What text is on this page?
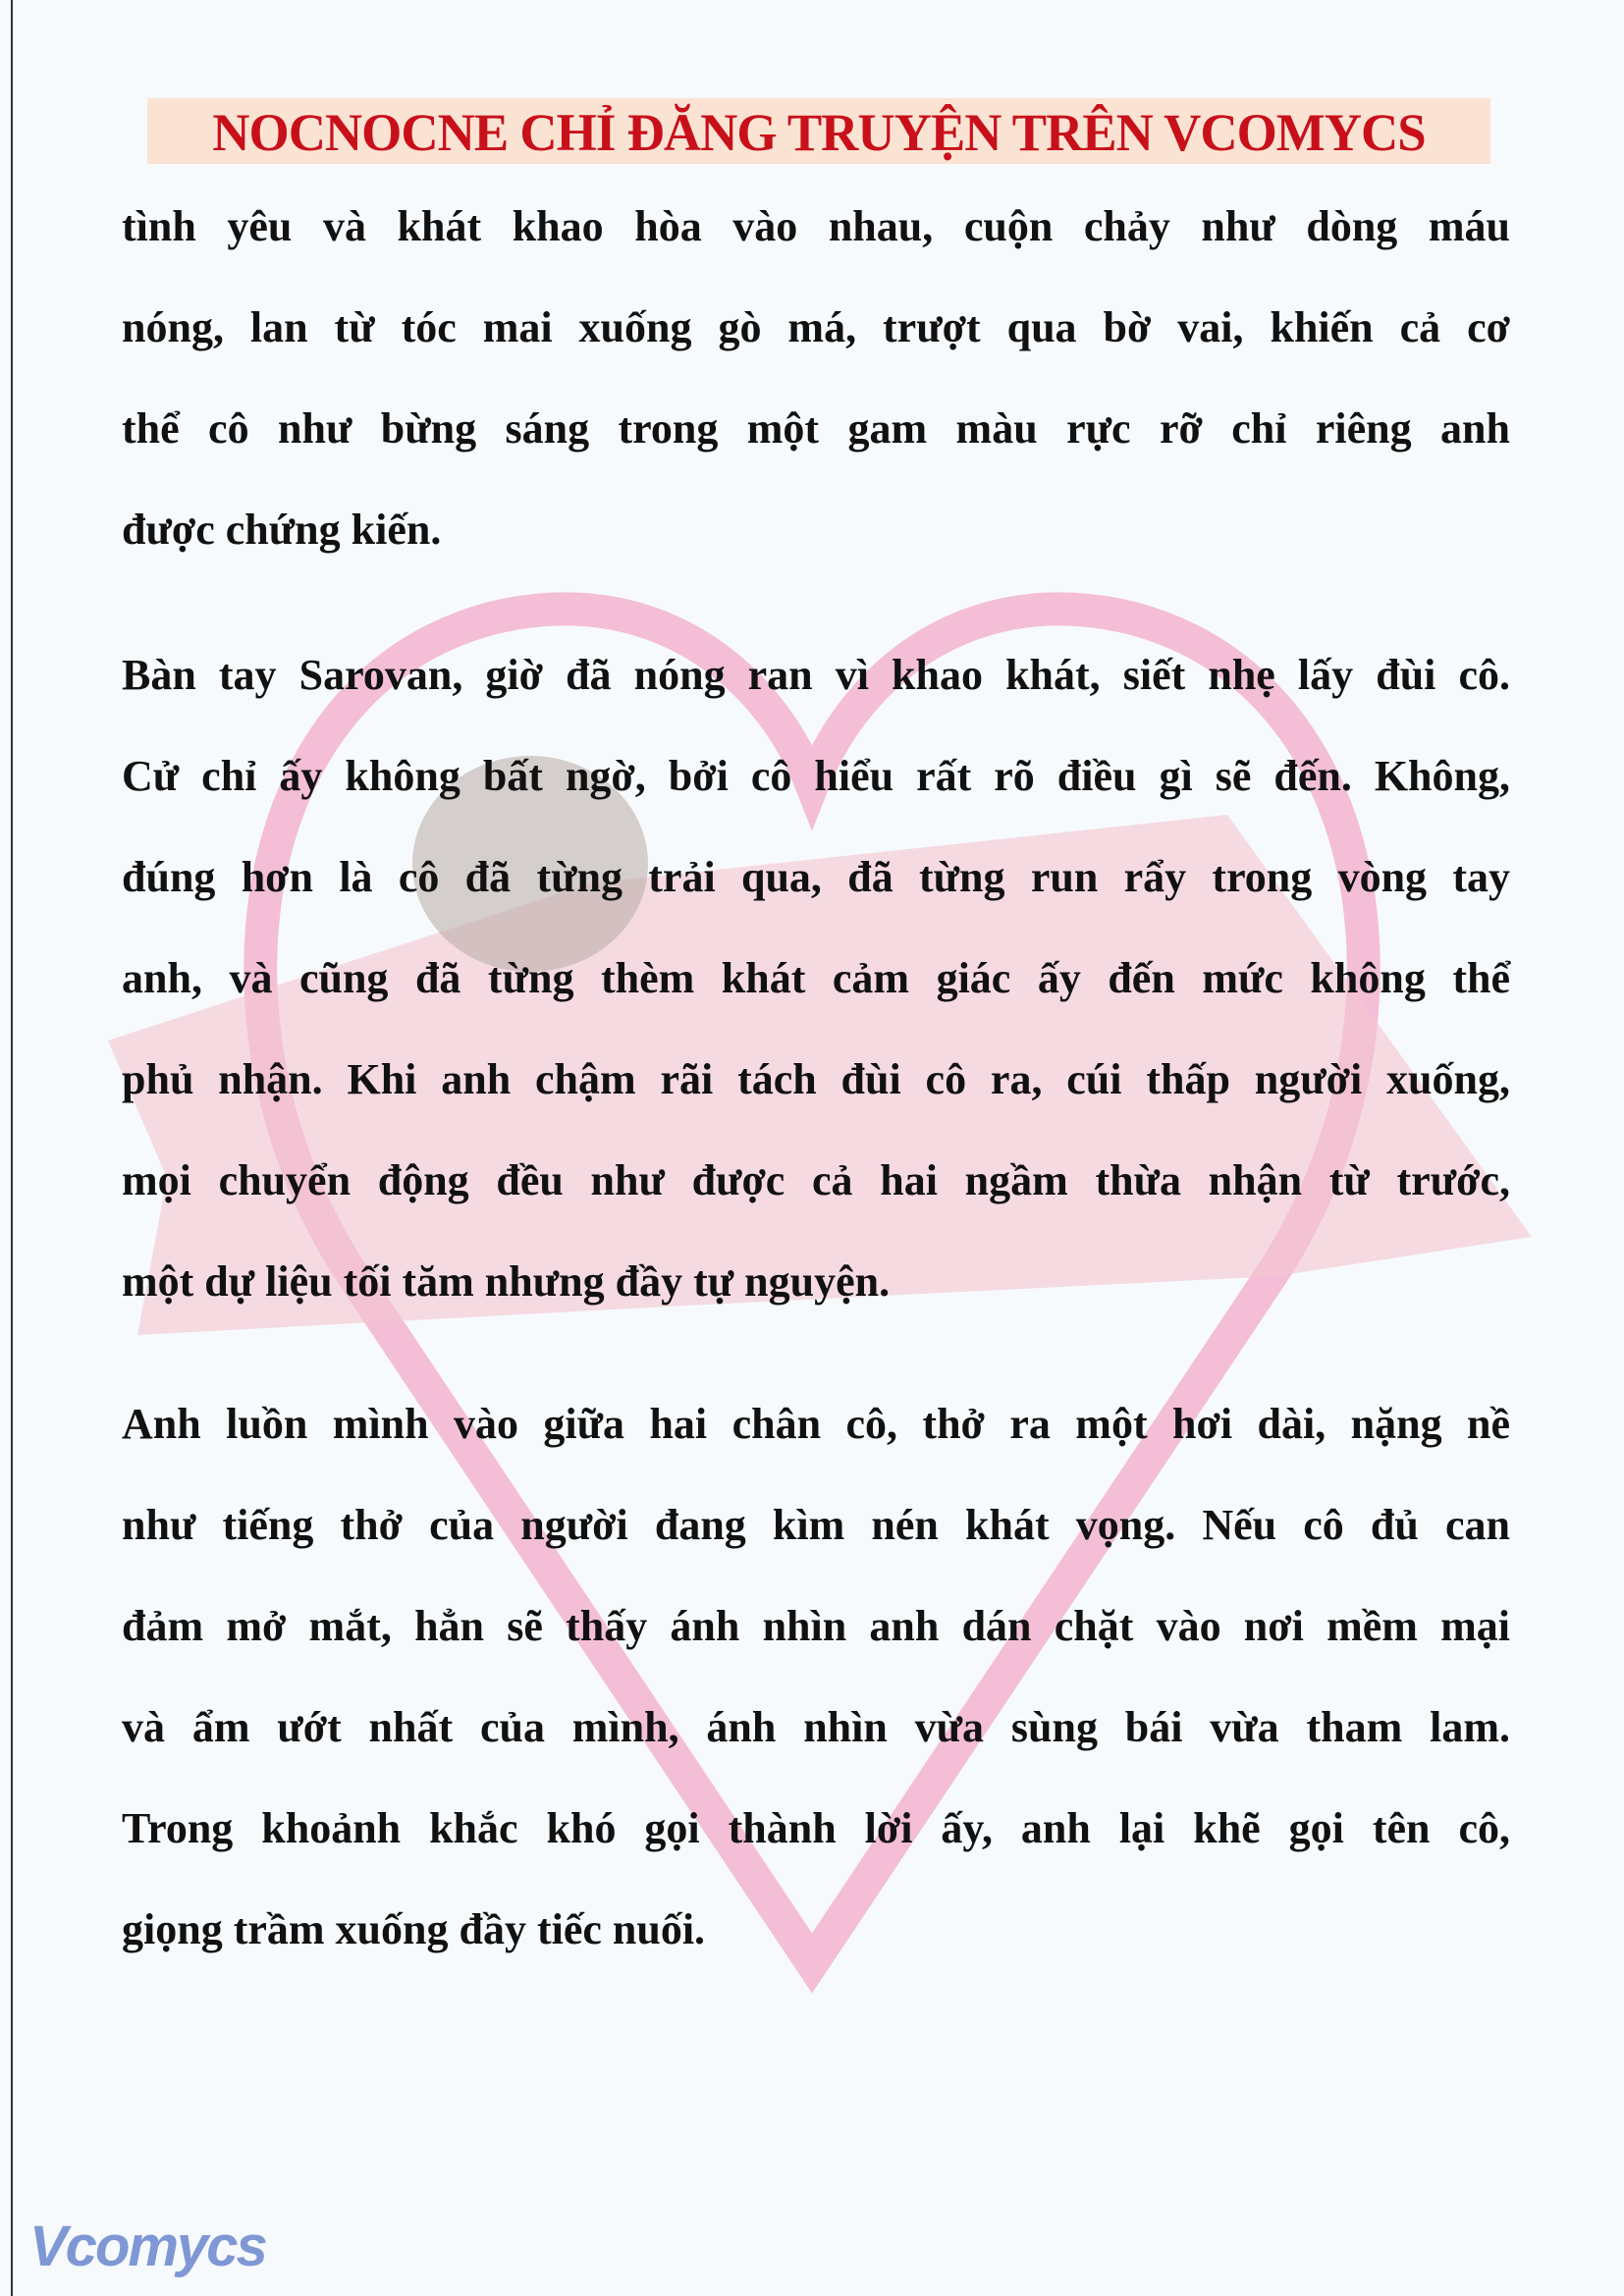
NOCNOCNE CHỈ ĐĂNG TRUYỆN TRÊN VCOMYCS
tình yêu và khát khao hòa vào nhau, cuộn chảy như dòng máu
nóng, lan từ tóc mai xuống gò má, trượt qua bờ vai, khiến cả cơ
thể cô như bừng sáng trong một gam màu rực rỡ chỉ riêng anh
được chứng kiến.
Bàn tay Sarovan, giờ đã nóng ran vì khao khát, siết nhẹ lấy đùi cô.
Cử chỉ ấy không bất ngờ, bởi cô hiểu rất rõ điều gì sẽ đến. Không,
đúng hơn là cô đã từng trải qua, đã từng run rẩy trong vòng tay
anh, và cũng đã từng thèm khát cảm giác ấy đến mức không thể
phủ nhận. Khi anh chậm rãi tách đùi cô ra, cúi thấp người xuống,
mọi chuyển động đều như được cả hai ngầm thừa nhận từ trước,
một dự liệu tối tăm nhưng đầy tự nguyện.
Anh luồn mình vào giữa hai chân cô, thở ra một hơi dài, nặng nề
như tiếng thở của người đang kìm nén khát vọng. Nếu cô đủ can
đảm mở mắt, hẳn sẽ thấy ánh nhìn anh dán chặt vào nơi mềm mại
và ẩm ướt nhất của mình, ánh nhìn vừa sùng bái vừa tham lam.
Trong khoảnh khắc khó gọi thành lời ấy, anh lại khẽ gọi tên cô,
giọng trầm xuống đầy tiếc nuối.
Vcomycs
